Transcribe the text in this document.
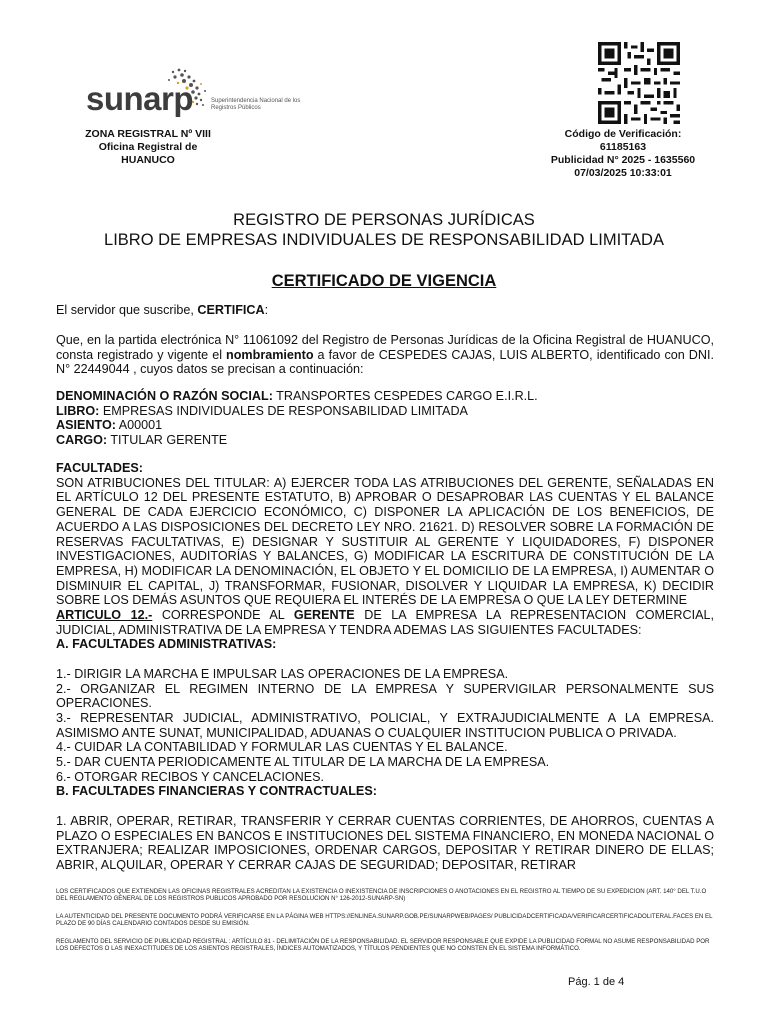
sunarp	Superintendencia Nacional de los Registros Públicos
ZONA REGISTRAL Nº VIII
Oficina Registral de HUANUCO
Código de Verificación:
61185163
Publicidad N° 2025 - 1635560
07/03/2025 10:33:01
REGISTRO DE PERSONAS JURÍDICAS
LIBRO DE EMPRESAS INDIVIDUALES DE RESPONSABILIDAD LIMITADA
CERTIFICADO DE VIGENCIA
El servidor que suscribe, CERTIFICA:
Que, en la partida electrónica N° 11061092 del Registro de Personas Jurídicas de la Oficina Registral de HUANUCO, consta registrado y vigente el nombramiento a favor de CESPEDES CAJAS, LUIS ALBERTO, identificado con DNI. N° 22449044 , cuyos datos se precisan a continuación:
DENOMINACIÓN O RAZÓN SOCIAL: TRANSPORTES CESPEDES CARGO E.I.R.L.
LIBRO: EMPRESAS INDIVIDUALES DE RESPONSABILIDAD LIMITADA
ASIENTO: A00001
CARGO: TITULAR GERENTE
FACULTADES:
SON ATRIBUCIONES DEL TITULAR: A) EJERCER TODA LAS ATRIBUCIONES DEL GERENTE, SEÑALADAS EN EL ARTÍCULO 12 DEL PRESENTE ESTATUTO, B) APROBAR O DESAPROBAR LAS CUENTAS Y EL BALANCE GENERAL DE CADA EJERCICIO ECONÓMICO, C) DISPONER LA APLICACIÓN DE LOS BENEFICIOS, DE ACUERDO A LAS DISPOSICIONES DEL DECRETO LEY NRO. 21621. D) RESOLVER SOBRE LA FORMACIÓN DE RESERVAS FACULTATIVAS, E) DESIGNAR Y SUSTITUIR AL GERENTE Y LIQUIDADORES, F) DISPONER INVESTIGACIONES, AUDITORÍAS Y BALANCES, G) MODIFICAR LA ESCRITURA DE CONSTITUCIÓN DE LA EMPRESA, H) MODIFICAR LA DENOMINACIÓN, EL OBJETO Y EL DOMICILIO DE LA EMPRESA, I) AUMENTAR O DISMINUIR EL CAPITAL, J) TRANSFORMAR, FUSIONAR, DISOLVER Y LIQUIDAR LA EMPRESA, K) DECIDIR SOBRE LOS DEMÁS ASUNTOS QUE REQUIERA EL INTERÉS DE LA EMPRESA O QUE LA LEY DETERMINE
ARTICULO 12.- CORRESPONDE AL GERENTE DE LA EMPRESA LA REPRESENTACION COMERCIAL, JUDICIAL, ADMINISTRATIVA DE LA EMPRESA Y TENDRA ADEMAS LAS SIGUIENTES FACULTADES:
A. FACULTADES ADMINISTRATIVAS:
1.- DIRIGIR LA MARCHA E IMPULSAR LAS OPERACIONES DE LA EMPRESA.
2.- ORGANIZAR EL REGIMEN INTERNO DE LA EMPRESA Y SUPERVIGILAR PERSONALMENTE SUS OPERACIONES.
3.- REPRESENTAR JUDICIAL, ADMINISTRATIVO, POLICIAL, Y EXTRAJUDICIALMENTE A LA EMPRESA. ASIMISMO ANTE SUNAT, MUNICIPALIDAD, ADUANAS O CUALQUIER INSTITUCION PUBLICA O PRIVADA.
4.- CUIDAR LA CONTABILIDAD Y FORMULAR LAS CUENTAS Y EL BALANCE.
5.- DAR CUENTA PERIODICAMENTE AL TITULAR DE LA MARCHA DE LA EMPRESA.
6.- OTORGAR RECIBOS Y CANCELACIONES.
B. FACULTADES FINANCIERAS Y CONTRACTUALES:
1. ABRIR, OPERAR, RETIRAR, TRANSFERIR Y CERRAR CUENTAS CORRIENTES, DE AHORROS, CUENTAS A PLAZO O ESPECIALES EN BANCOS E INSTITUCIONES DEL SISTEMA FINANCIERO, EN MONEDA NACIONAL O EXTRANJERA; REALIZAR IMPOSICIONES, ORDENAR CARGOS, DEPOSITAR Y RETIRAR DINERO DE ELLAS; ABRIR, ALQUILAR, OPERAR Y CERRAR CAJAS DE SEGURIDAD; DEPOSITAR, RETIRAR
LOS CERTIFICADOS QUE EXTIENDEN LAS OFICINAS REGISTRALES ACREDITAN LA EXISTENCIA O INEXISTENCIA DE INSCRIPCIONES O ANOTACIONES EN EL REGISTRO AL TIEMPO DE SU EXPEDICION (ART. 140° DEL T.U.O DEL REGLAMENTO GENERAL DE LOS REGISTROS PUBLICOS APROBADO POR RESOLUCION N° 126-2012-SUNARP-SN)
LA AUTENTICIDAD DEL PRESENTE DOCUMENTO PODRÁ VERIFICARSE EN LA PÁGINA WEB HTTPS://ENLINEA.SUNARP.GOB.PE/SUNARPWEB/PAGES/ PUBLICIDADCERTIFICADA/VERIFICARCERTIFICADOLITERAL.FACES EN EL PLAZO DE 90 DÍAS CALENDARIO CONTADOS DESDE SU EMISIÓN.
REGLAMENTO DEL SERVICIO DE PUBLICIDAD REGISTRAL : ARTÍCULO 81 - DELIMITACIÓN DE LA RESPONSABILIDAD. EL SERVIDOR RESPONSABLE QUE EXPIDE LA PUBLICIDAD FORMAL NO ASUME RESPONSABILIDAD POR LOS DEFECTOS O LAS INEXACTITUDES DE LOS ASIENTOS REGISTRALES, ÍNDICES AUTOMATIZADOS, Y TÍTULOS PENDIENTES QUE NO CONSTEN EN EL SISTEMA INFORMÁTICO.
Pág. 1 de 4
